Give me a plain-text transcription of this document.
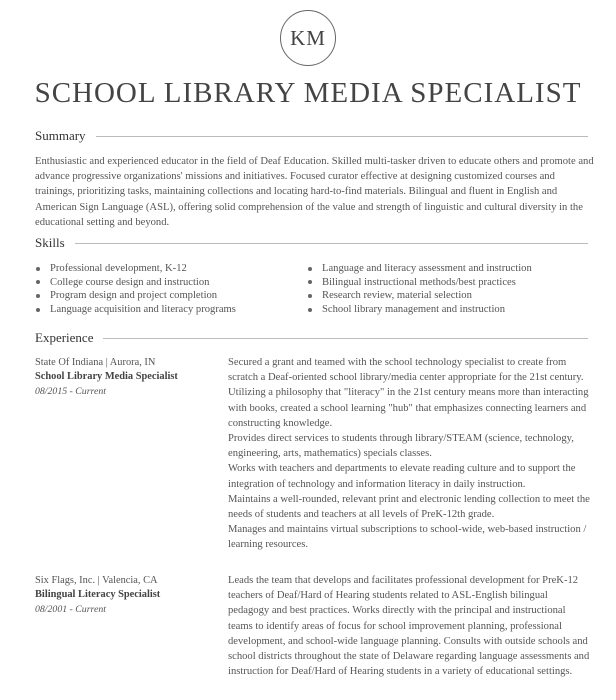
KM
SCHOOL LIBRARY MEDIA SPECIALIST
Summary
Enthusiastic and experienced educator in the field of Deaf Education. Skilled multi-tasker driven to educate others and promote and advance progressive organizations' missions and initiatives. Focused curator effective at designing customized courses and trainings, prioritizing tasks, maintaining collections and locating hard-to-find materials. Bilingual and fluent in English and American Sign Language (ASL), offering solid comprehension of the value and strength of linguistic and cultural diversity in the educational setting and beyond.
Skills
Professional development, K-12	Language and literacy assessment and instruction
College course design and instruction	Bilingual instructional methods/best practices
Program design and project completion	Research review, material selection
Language acquisition and literacy programs	School library management and instruction
Experience
State Of Indiana | Aurora, IN
School Library Media Specialist
08/2015 - Current

Secured a grant and teamed with the school technology specialist to create from scratch a Deaf-oriented school library/media center appropriate for the 21st century. Utilizing a philosophy that "literacy" in the 21st century means more than interacting with books, created a school learning "hub" that emphasizes connecting learners and constructing knowledge.

Provides direct services to students through library/STEAM (science, technology, engineering, arts, mathematics) specials classes.

Works with teachers and departments to elevate reading culture and to support the integration of technology and information literacy in daily instruction.

Maintains a well-rounded, relevant print and electronic lending collection to meet the needs of students and teachers at all levels of PreK-12th grade.

Manages and maintains virtual subscriptions to school-wide, web-based instruction / learning resources.

Six Flags, Inc. | Valencia, CA
Bilingual Literacy Specialist
08/2001 - Current

Leads the team that develops and facilitates professional development for PreK-12 teachers of Deaf/Hard of Hearing students related to ASL-English bilingual pedagogy and best practices. Works directly with the principal and instructional teams to identify areas of focus for school improvement planning, professional development, and school-wide language planning. Consults with outside schools and school districts throughout the state of Delaware regarding language assessments and instruction for Deaf/Hard of Hearing students in a variety of educational settings.
